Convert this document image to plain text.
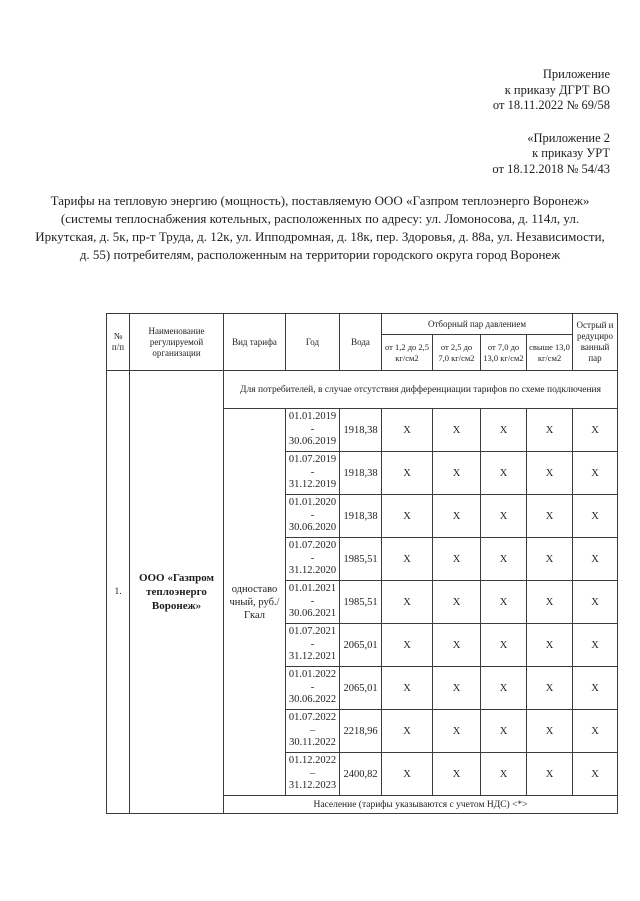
Приложение
к приказу ДГРТ ВО
от 18.11.2022 № 69/58
«Приложение 2
к приказу УРТ
от 18.12.2018 № 54/43
Тарифы на тепловую энергию (мощность), поставляемую ООО «Газпром теплоэнерго Воронеж» (системы теплоснабжения котельных, расположенных по адресу: ул. Ломоносова, д. 114л, ул. Иркутская, д. 5к, пр-т Труда, д. 12к, ул. Ипподромная, д. 18к, пер. Здоровья, д. 88а, ул. Независимости, д. 55) потребителям, расположенным на территории городского округа город Воронеж
№ п/п	Наименование регулируемой организации	Вид тарифа	Год	Вода	Отборный пар давлением				Острый и редуциро ванный пар
					от 1,2 до 2,5 кг/см2	от 2,5 до 7,0 кг/см2	от 7,0 до 13,0 кг/см2	свыше 13,0 кг/см2	
1.	ООО «Газпром теплоэнерго Воронеж»	Для потребителей, в случае отсутствия дифференциации тарифов по схеме подключения							
		одноставо чный, руб./Гкал	01.01.2019
-
30.06.2019	1918,38	X	X	X	X	X

			01.07.2019
-
31.12.2019	1918,38	X	X	X	X	X

			01.01.2020
-
30.06.2020	1918,38	X	X	X	X	X

			01.07.2020
-
31.12.2020	1985,51	X	X	X	X	X

			01.01.2021
-
30.06.2021	1985,51	X	X	X	X	X

			01.07.2021
-
31.12.2021	2065,01	X	X	X	X	X

			01.01.2022
-
30.06.2022	2065,01	X	X	X	X	X

			01.07.2022
–
30.11.2022	2218,96	X	X	X	X	X

			01.12.2022
–
31.12.2023	2400,82	X	X	X	X	X
		Население (тарифы указываются с учетом НДС) <*>							
